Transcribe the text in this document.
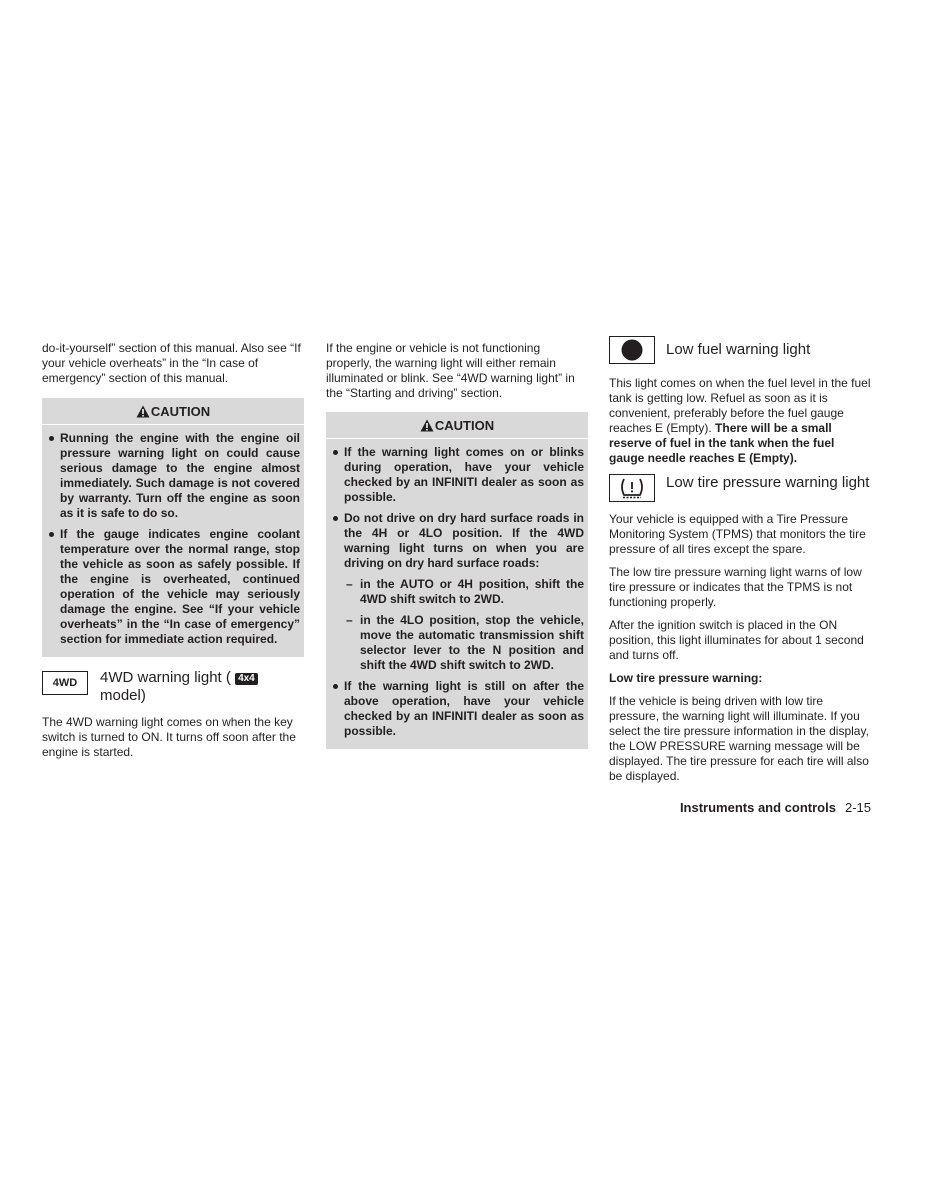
do-it-yourself” section of this manual. Also see “If your vehicle overheats” in the “In case of emergency” section of this manual.

CAUTION
Running the engine with the engine oil pressure warning light on could cause serious damage to the engine almost immediately. Such damage is not covered by warranty. Turn off the engine as soon as it is safe to do so.
If the gauge indicates engine coolant temperature over the normal range, stop the vehicle as soon as safely possible. If the engine is overheated, continued operation of the vehicle may seriously damage the engine. See “If your vehicle overheats” in the “In case of emergency” section for immediate action required.
4WD 4WD warning light ( 4x4
model)

The 4WD warning light comes on when the key switch is turned to ON. It turns off soon after the engine is started.

If the engine or vehicle is not functioning properly, the warning light will either remain illuminated or blink. See “4WD warning light” in the “Starting and driving” section.

CAUTION
If the warning light comes on or blinks during operation, have your vehicle checked by an INFINITI dealer as soon as possible.
Do not drive on dry hard surface roads in the 4H or 4LO position. If the 4WD warning light turns on when you are driving on dry hard surface roads:
– in the AUTO or 4H position, shift the 4WD shift switch to 2WD.
– in the 4LO position, stop the vehicle, move the automatic transmission shift selector lever to the N position and shift the 4WD shift switch to 2WD.
If the warning light is still on after the above operation, have your vehicle checked by an INFINITI dealer as soon as possible.
Low fuel warning light

This light comes on when the fuel level in the fuel tank is getting low. Refuel as soon as it is convenient, preferably before the fuel gauge reaches E (Empty). There will be a small reserve of fuel in the tank when the fuel gauge needle reaches E (Empty).

Low tire pressure warning light

Your vehicle is equipped with a Tire Pressure Monitoring System (TPMS) that monitors the tire pressure of all tires except the spare.

The low tire pressure warning light warns of low tire pressure or indicates that the TPMS is not functioning properly.

After the ignition switch is placed in the ON position, this light illuminates for about 1 second and turns off.

Low tire pressure warning:

If the vehicle is being driven with low tire pressure, the warning light will illuminate. If you select the tire pressure information in the display, the LOW PRESSURE warning message will be displayed. The tire pressure for each tire will also be displayed.

Instruments and controls 2-15
